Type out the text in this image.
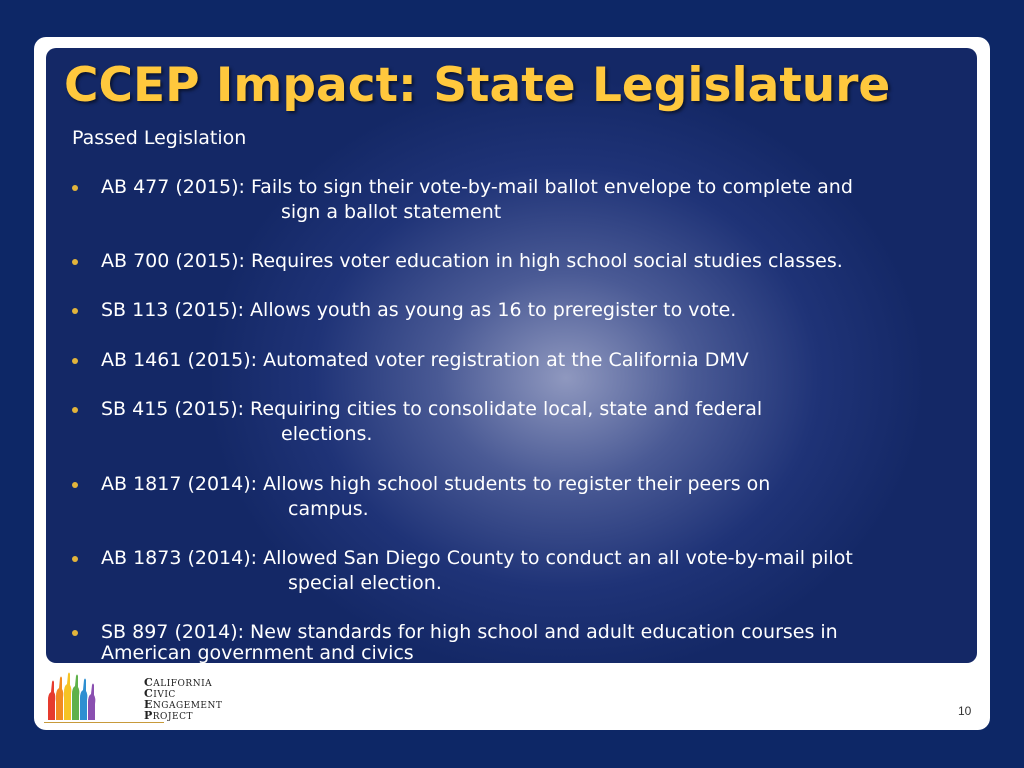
CCEP Impact: State Legislature
Passed Legislation
AB 477 (2015): Fails to sign their vote-by-mail ballot envelope to complete and
sign a ballot statement
AB 700 (2015): Requires voter education in high school social studies classes.
SB 113 (2015): Allows youth as young as 16 to preregister to vote.
AB 1461 (2015): Automated voter registration at the California DMV
SB 415 (2015): Requiring cities to consolidate local, state and federal
elections.
AB 1817 (2014): Allows high school students to register their peers on
campus.
AB 1873 (2014): Allowed San Diego County to conduct an all vote-by-mail pilot
special election.
SB 897 (2014): New standards for high school and adult education courses in
American government and civics
CALIFORNIA
CIVIC
ENGAGEMENT
PROJECT	10
